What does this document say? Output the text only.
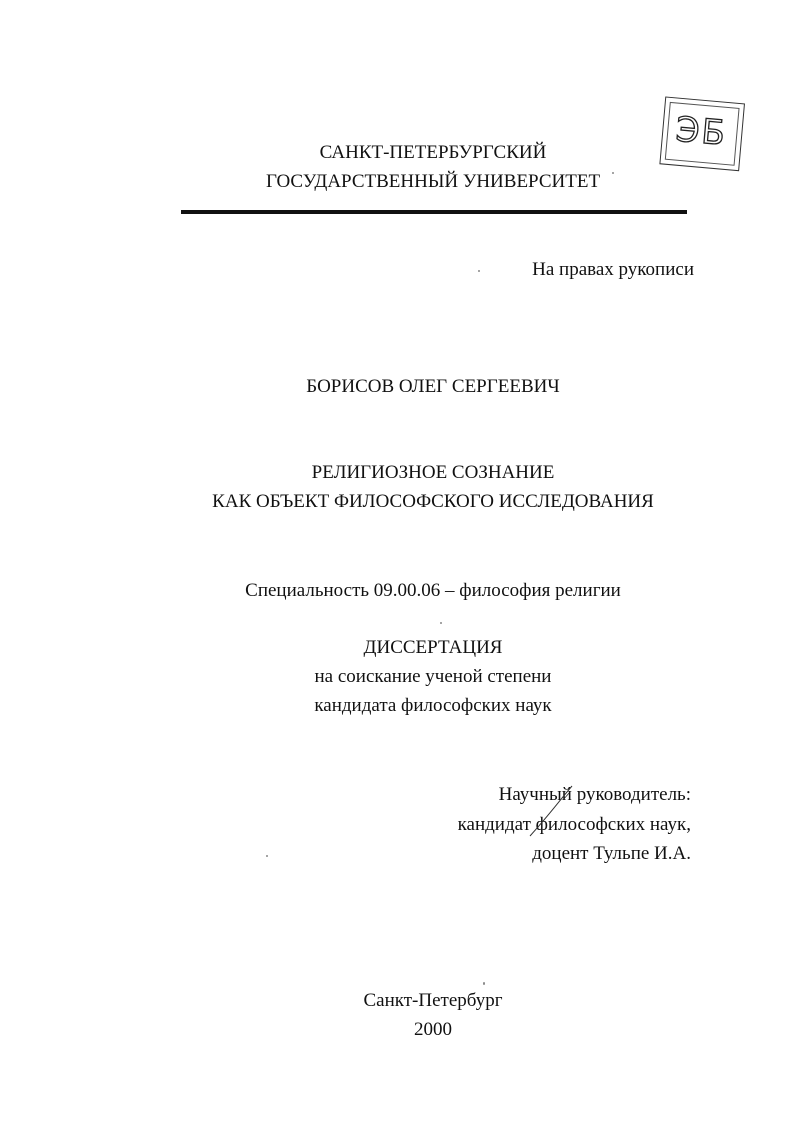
САНКТ-ПЕТЕРБУРГСКИЙ
ГОСУДАРСТВЕННЫЙ УНИВЕРСИТЕТ
ЭБ
На правах рукописи
БОРИСОВ ОЛЕГ СЕРГЕЕВИЧ
РЕЛИГИОЗНОЕ СОЗНАНИЕ
КАК ОБЪЕКТ ФИЛОСОФСКОГО ИССЛЕДОВАНИЯ
Специальность 09.00.06 – философия религии
ДИССЕРТАЦИЯ
на соискание ученой степени
кандидата философских наук
Научный руководитель:
кандидат философских наук,
доцент Тульпе И.А.
Санкт-Петербург
2000
